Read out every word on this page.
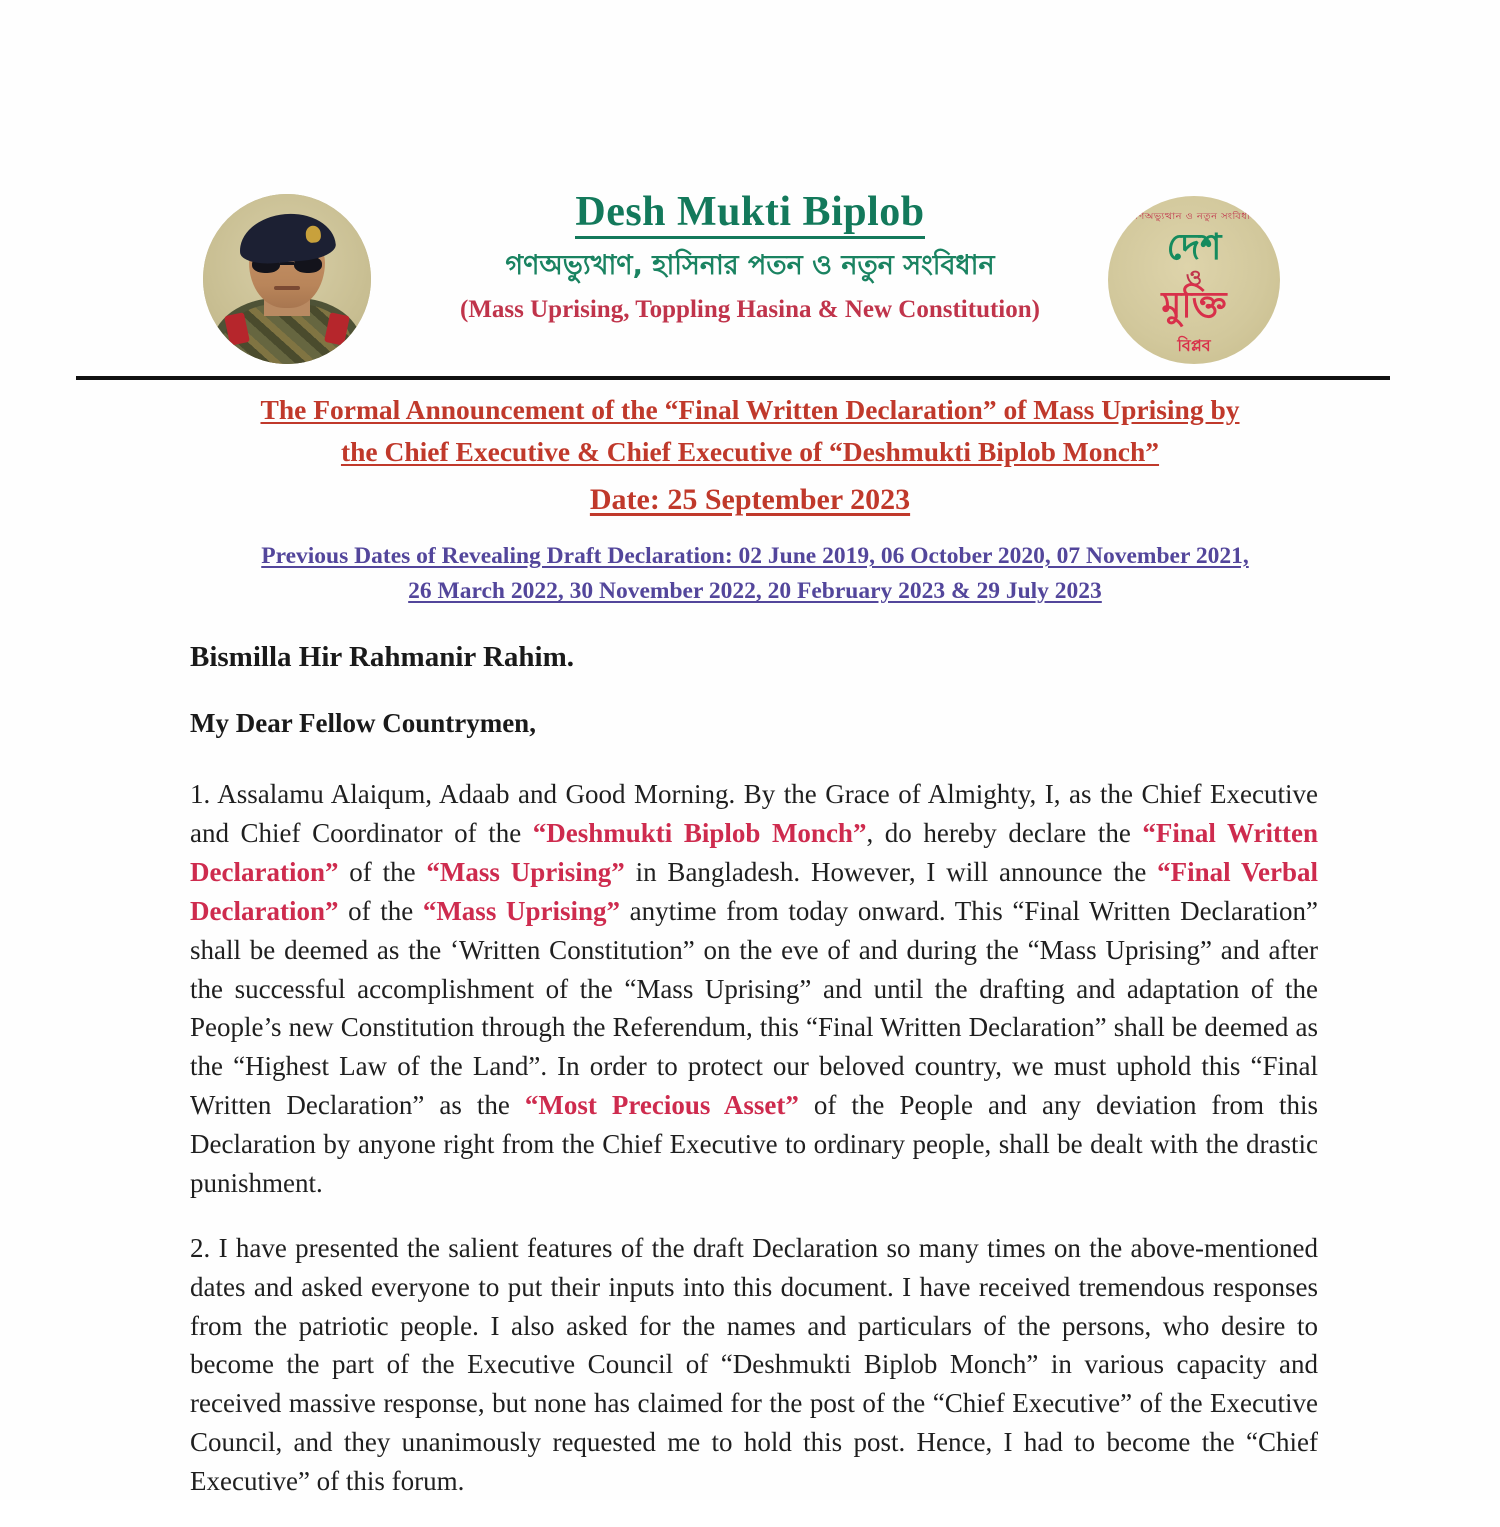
Desh Mukti Biplob
গণঅভ্যুখাণ, হাসিনার পতন ও নতুন সংবিধান
(Mass Uprising, Toppling Hasina & New Constitution)
গণঅভ্যুত্থান ও নতুন সংবিধান
দেশ
ও
মুক্তি
বিপ্লব
The Formal Announcement of the “Final Written Declaration” of Mass Uprising by
the Chief Executive & Chief Executive of “Deshmukti Biplob Monch”
Date: 25 September 2023
Previous Dates of Revealing Draft Declaration: 02 June 2019, 06 October 2020, 07 November 2021,
26 March 2022, 30 November 2022, 20 February 2023 & 29 July 2023
Bismilla Hir Rahmanir Rahim.
My Dear Fellow Countrymen,

1. Assalamu Alaiqum, Adaab and Good Morning. By the Grace of Almighty, I, as the Chief Executive and Chief Coordinator of the “Deshmukti Biplob Monch”, do hereby declare the “Final Written Declaration” of the “Mass Uprising” in Bangladesh. However, I will announce the “Final Verbal Declaration” of the “Mass Uprising” anytime from today onward. This “Final Written Declaration” shall be deemed as the ‘Written Constitution” on the eve of and during the “Mass Uprising” and after the successful accomplishment of the “Mass Uprising” and until the drafting and adaptation of the People’s new Constitution through the Referendum, this “Final Written Declaration” shall be deemed as the “Highest Law of the Land”. In order to protect our beloved country, we must uphold this “Final Written Declaration” as the “Most Precious Asset” of the People and any deviation from this Declaration by anyone right from the Chief Executive to ordinary people, shall be dealt with the drastic punishment.

2. I have presented the salient features of the draft Declaration so many times on the above-mentioned dates and asked everyone to put their inputs into this document. I have received tremendous responses from the patriotic people. I also asked for the names and particulars of the persons, who desire to become the part of the Executive Council of “Deshmukti Biplob Monch” in various capacity and received massive response, but none has claimed for the post of the “Chief Executive” of the Executive Council, and they unanimously requested me to hold this post. Hence, I had to become the “Chief Executive” of this forum.
